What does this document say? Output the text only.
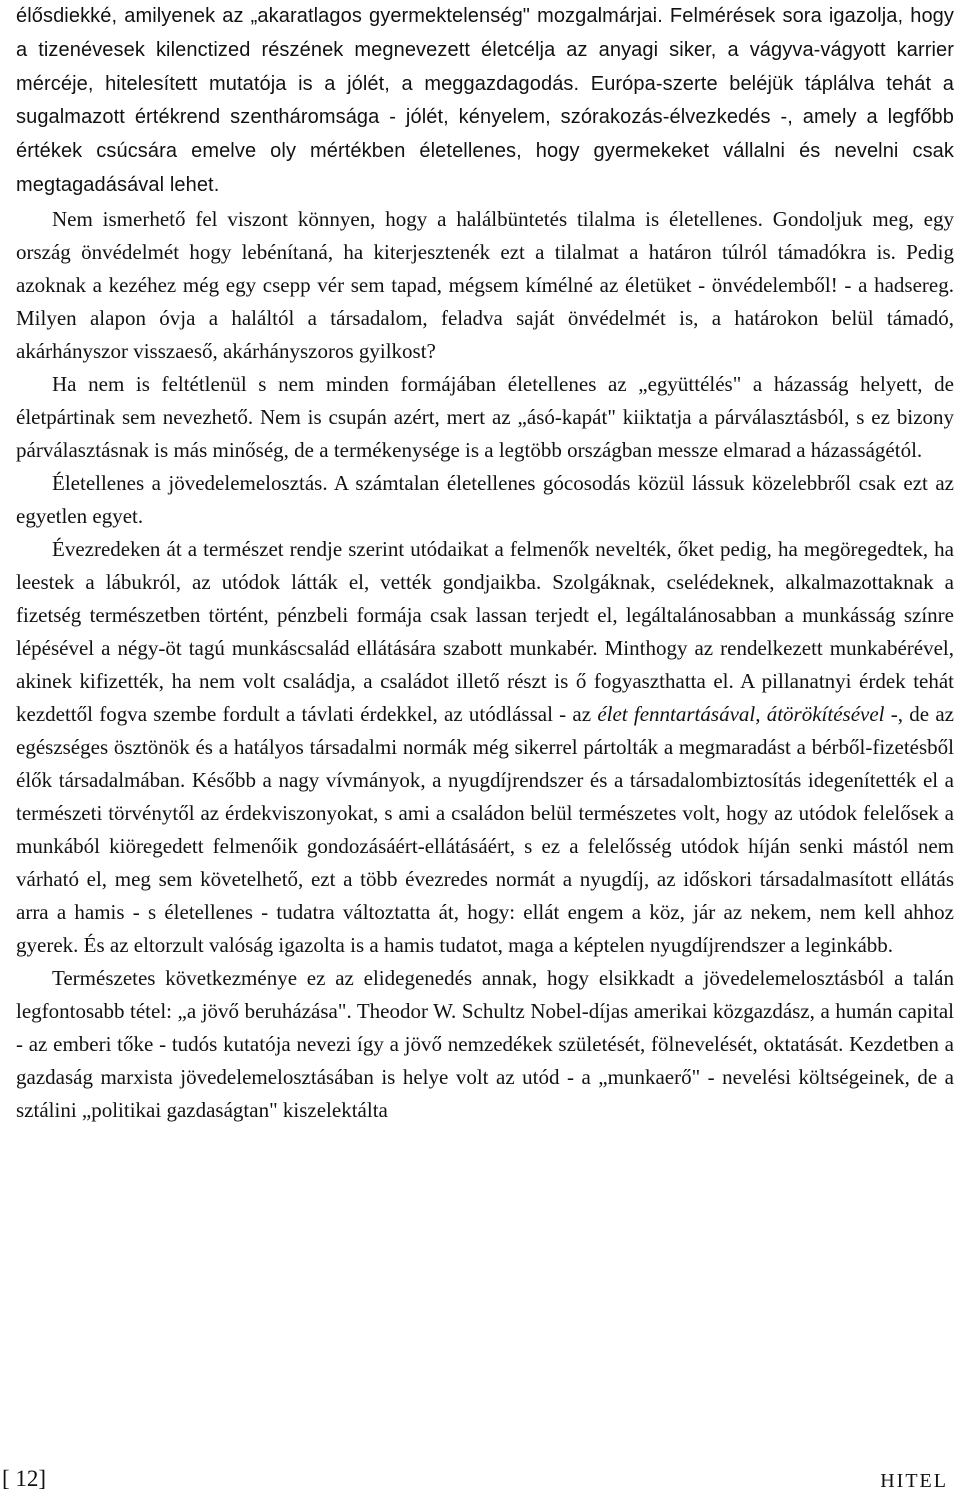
élősdiekké, amilyenek az „akaratlagos gyermektelenség" mozgalmárjai. Felmérések sora igazolja, hogy a tizenévesek kilenctized részének megnevezett életcélja az anyagi siker, a vágyva-vágyott karrier mércéje, hitelesített mutatója is a jólét, a meggazdagodás. Európa-szerte beléjük táplálva tehát a sugalmazott értékrend szentháromsága - jólét, kényelem, szórakozás-élvezkedés -, amely a legfőbb értékek csúcsára emelve oly mértékben életellenes, hogy gyermekeket vállalni és nevelni csak megtagadásával lehet.

Nem ismerhető fel viszont könnyen, hogy a halálbüntetés tilalma is életellenes. Gondoljuk meg, egy ország önvédelmét hogy lebénítaná, ha kiterjesztenék ezt a tilalmat a határon túlról támadókra is. Pedig azoknak a kezéhez még egy csepp vér sem tapad, mégsem kímélné az életüket - önvédelemből! - a hadsereg. Milyen alapon óvja a haláltól a társadalom, feladva saját önvédelmét is, a határokon belül támadó, akárhányszor visszaeső, akárhányszoros gyilkost?

Ha nem is feltétlenül s nem minden formájában életellenes az „együttélés" a házasság helyett, de életpártinak sem nevezhető. Nem is csupán azért, mert az „ásó-kapát" kiiktatja a párválasztásból, s ez bizony párválasztásnak is más minőség, de a termékenysége is a legtöbb országban messze elmarad a házasságétól.

Életellenes a jövedelemelosztás. A számtalan életellenes gócosodás közül lássuk közelebbről csak ezt az egyetlen egyet.

Évezredeken át a természet rendje szerint utódaikat a felmenők nevelték, őket pedig, ha megöregedtek, ha leestek a lábukról, az utódok látták el, vették gondjaikba. Szolgáknak, cselédeknek, alkalmazottaknak a fizetség természetben történt, pénzbeli formája csak lassan terjedt el, legáltalánosabban a munkásság színre lépésével a négy-öt tagú munkáscsalád ellátására szabott munkabér. Minthogy az rendelkezett munkabérével, akinek kifizették, ha nem volt családja, a családot illető részt is ő fogyaszthatta el. A pillanatnyi érdek tehát kezdettől fogva szembe fordult a távlati érdekkel, az utódlással - az élet fenntartásával, átörökítésével -, de az egészséges ösztönök és a hatályos társadalmi normák még sikerrel pártolták a megmaradást a bérből-fizetésből élők társadalmában. Később a nagy vívmányok, a nyugdíjrendszer és a társadalombiztosítás idegenítették el a természeti törvénytől az érdekviszonyokat, s ami a családon belül természetes volt, hogy az utódok felelősek a munkából kiöregedett felmenőik gondozásáért-ellátásáért, s ez a felelősség utódok híján senki mástól nem várható el, meg sem követelhető, ezt a több évezredes normát a nyugdíj, az időskori társadalmasított ellátás arra a hamis - s életellenes - tudatra változtatta át, hogy: ellát engem a köz, jár az nekem, nem kell ahhoz gyerek. És az eltorzult valóság igazolta is a hamis tudatot, maga a képtelen nyugdíjrendszer a leginkább.

Természetes következménye ez az elidegenedés annak, hogy elsikkadt a jövedelemelosztásból a talán legfontosabb tétel: „a jövő beruházása". Theodor W. Schultz Nobel-díjas amerikai közgazdász, a humán capital - az emberi tőke - tudós kutatója nevezi így a jövő nemzedékek születését, fölnevelését, oktatását. Kezdetben a gazdaság marxista jövedelemelosztásában is helye volt az utód - a „munkaerő" - nevelési költségeinek, de a sztálini „politikai gazdaságtan" kiszelektálta

[ 12]	HITEL
